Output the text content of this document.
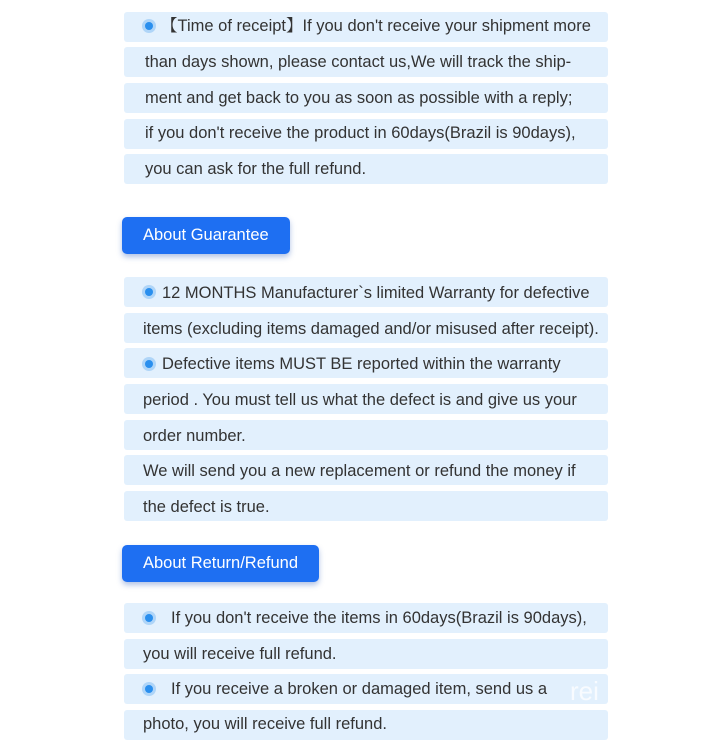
【Time of receipt】If you don't receive your shipment more
than days shown, please contact us,We will track the ship-
ment and get back to you as soon as possible with a reply;
if you don't receive the product in 60days(Brazil is 90days),
you can ask for the full refund.
About Guarantee
12 MONTHS Manufacturer`s limited Warranty for defective
items (excluding items damaged and/or misused after receipt).
Defective items MUST BE reported within the warranty
period . You must tell us what the defect is and give us your
order number.
We will send you a new replacement or refund the money if
the defect is true.
About Return/Refund
If you don't receive the items in 60days(Brazil is 90days),
you will receive full refund.
If you receive a broken or damaged item, send us a
photo, you will receive full refund.
rei
